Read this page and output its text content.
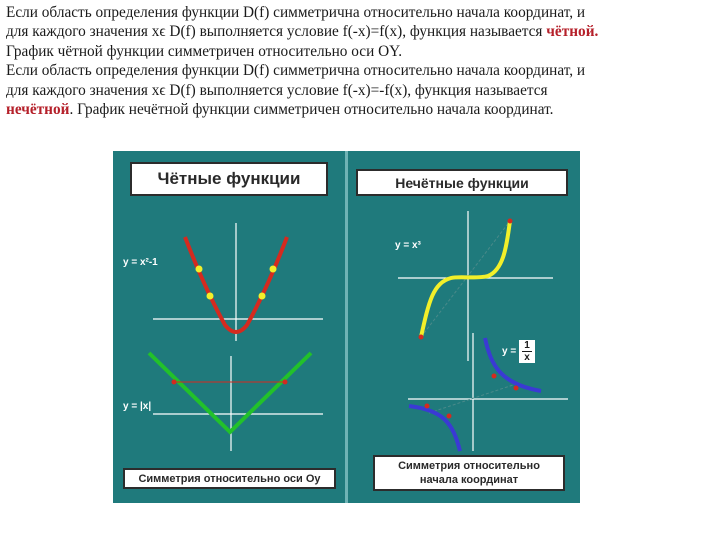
Если область определения функции D(f) симметрична относительно начала координат, и

для каждого значения xϵ D(f) выполняется условие f(-x)=f(x), функция называется чётной.

График чётной функции симметричен относительно оси OY.

Если область определения функции D(f) симметрична относительно начала координат, и

для каждого значения xϵ D(f) выполняется условие f(-x)=-f(x), функция называется

нечётной. График нечётной функции симметричен относительно начала координат.

Чётные функции	Нечётные функции
y = x²-1
y = |x|
y = x³
$y = \frac{1}{x}$
Симметрия относительно оси Оу
Симметрия относительно
начала координат
